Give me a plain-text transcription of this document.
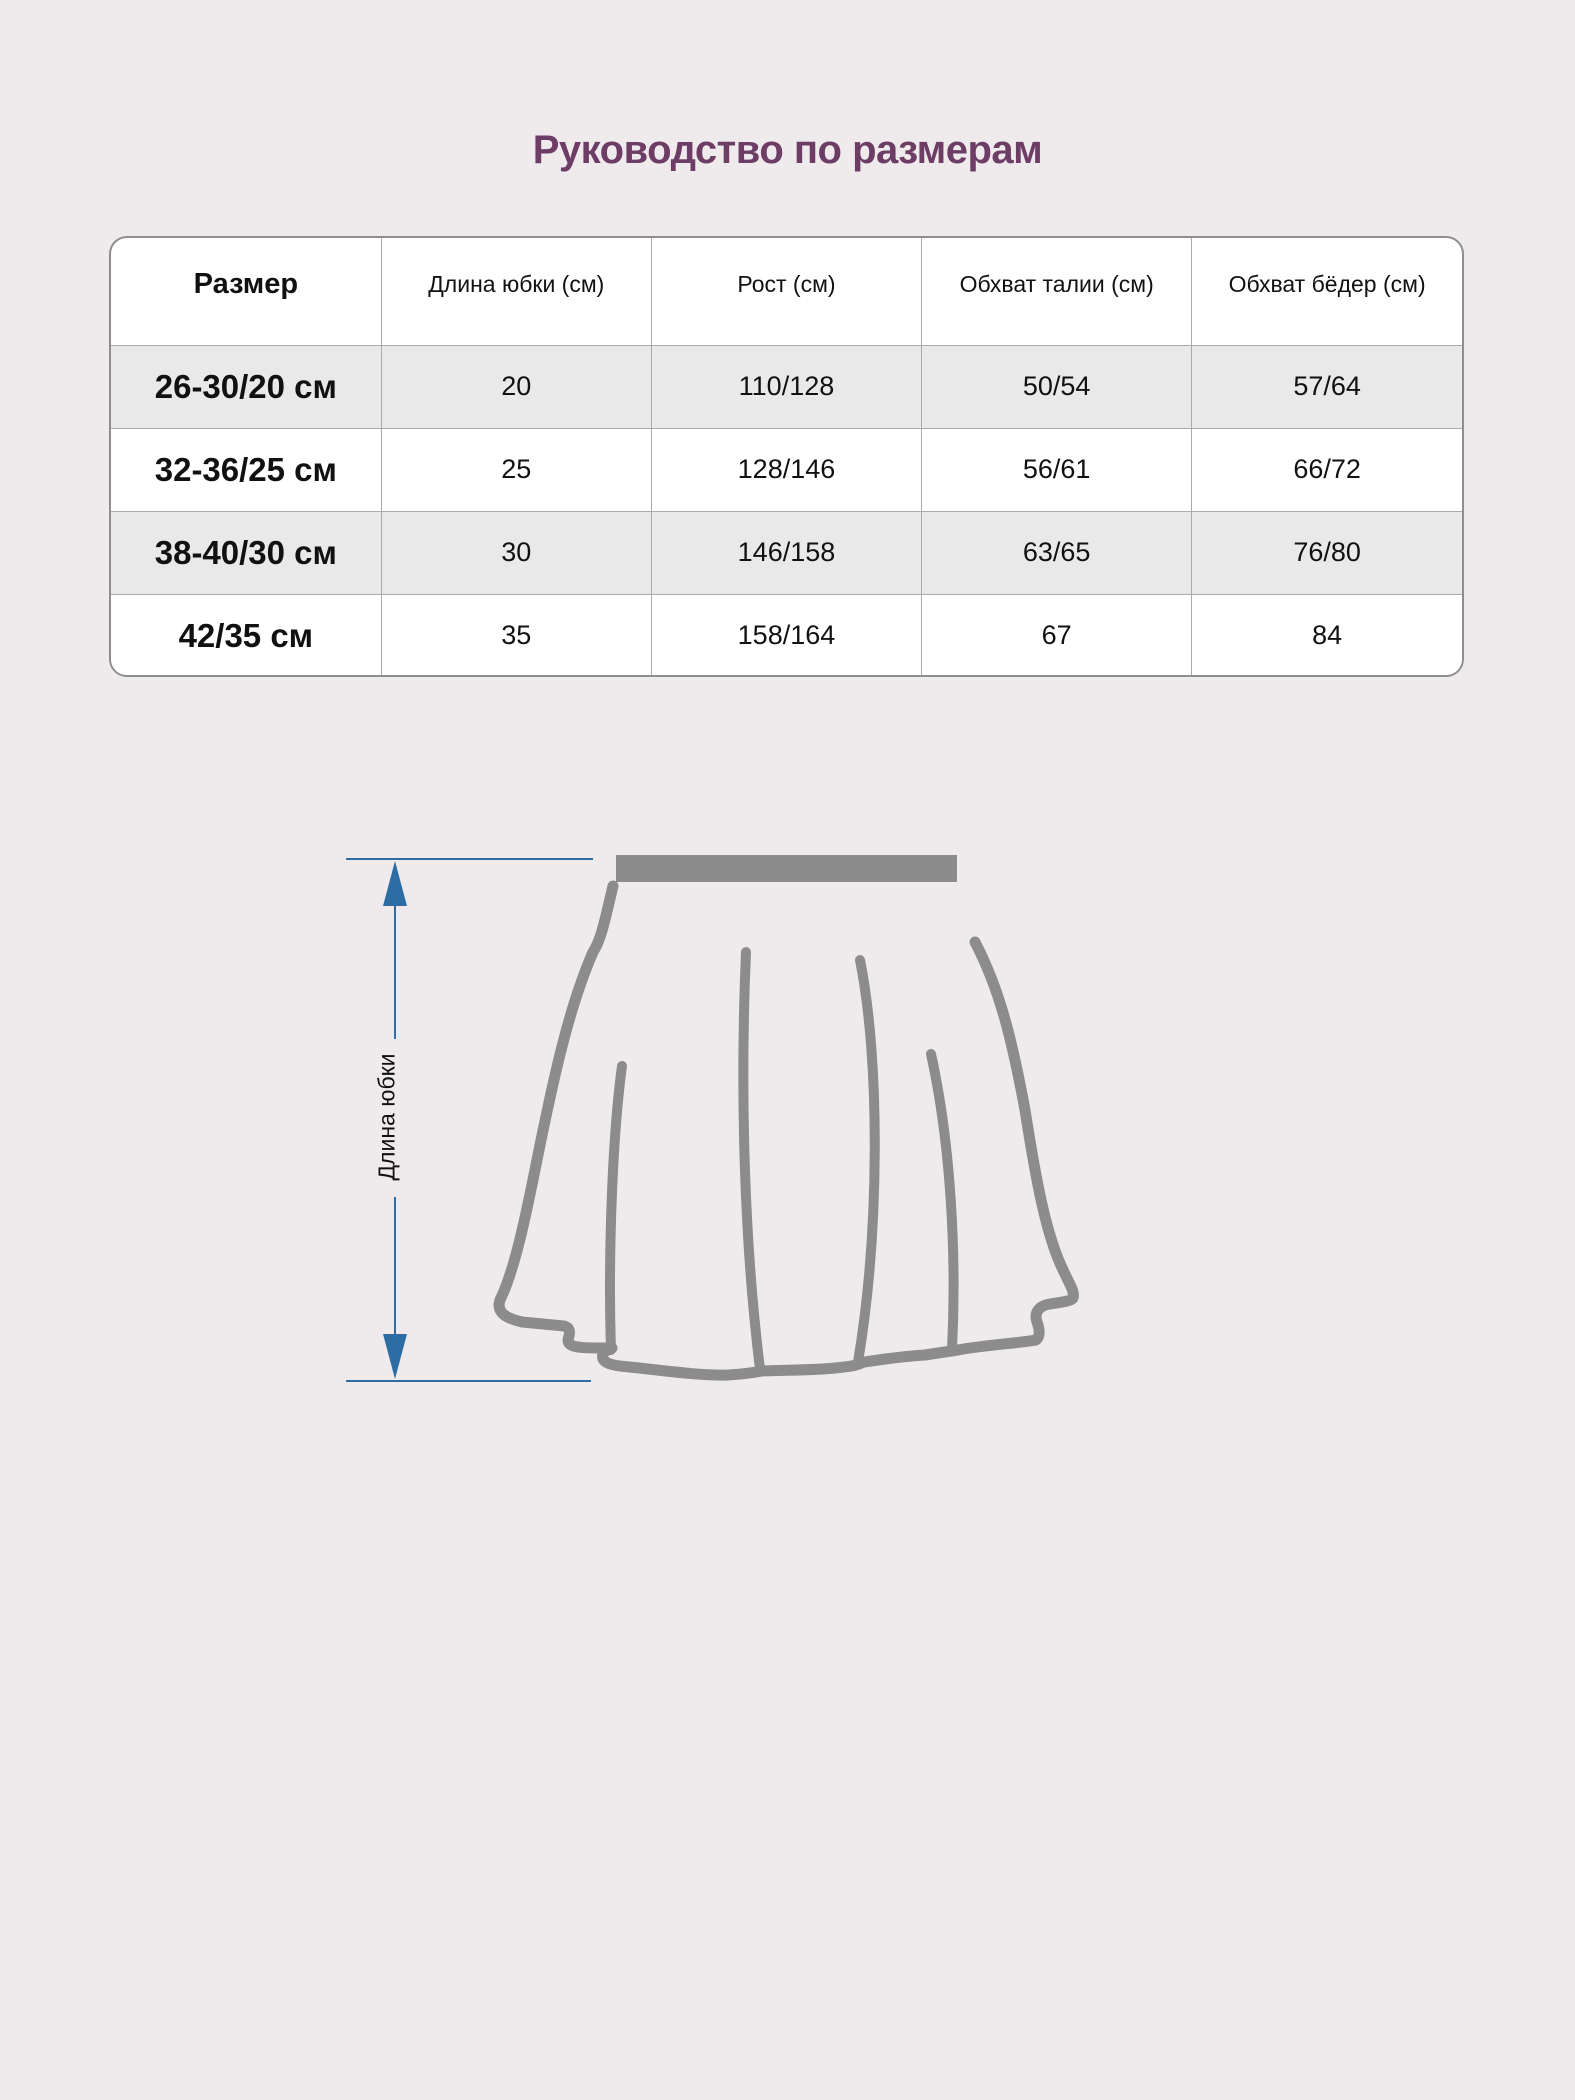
Руководство по размерам
Размер	Длина юбки (см)	Рост (см)	Обхват талии (см)	Обхват бёдер (см)
26-30/20 см	20	110/128	50/54	57/64
32-36/25 см	25	128/146	56/61	66/72
38-40/30 см	30	146/158	63/65	76/80
42/35 см	35	158/164	67	84
Длина юбки
